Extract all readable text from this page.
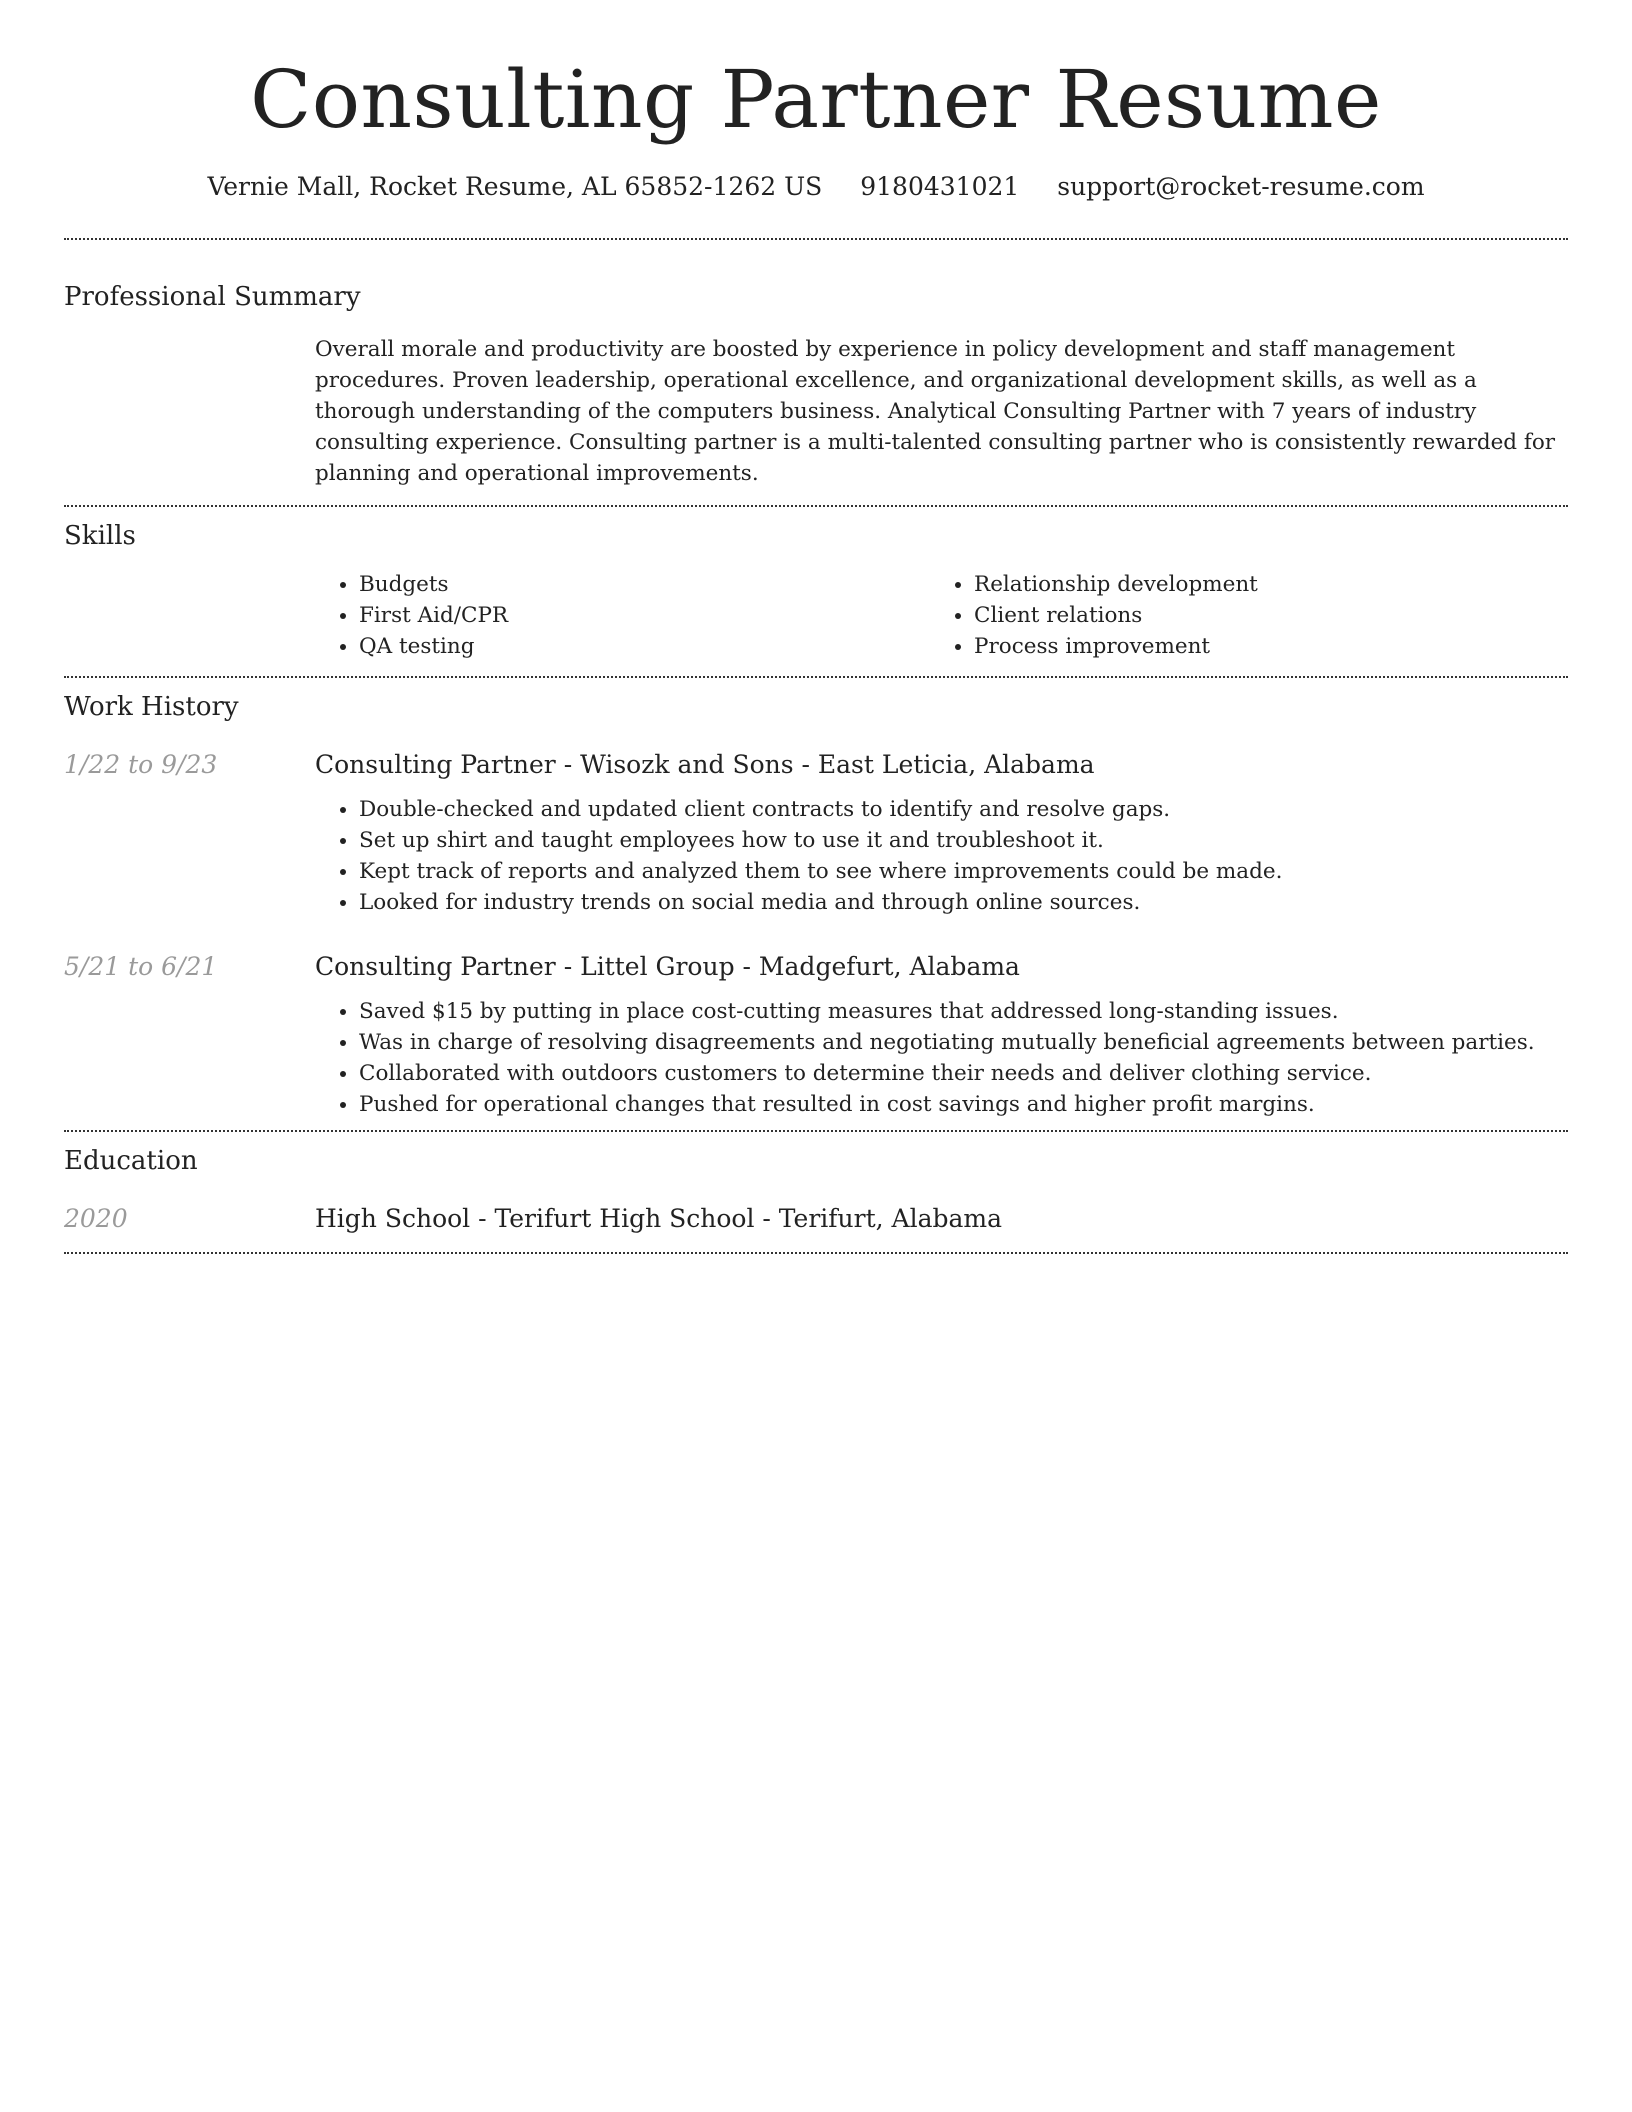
Consulting Partner Resume
Vernie Mall, Rocket Resume, AL 65852-1262 US 9180431021 support@rocket-resume.com
Professional Summary

Overall morale and productivity are boosted by experience in policy development and staff management procedures. Proven leadership, operational excellence, and organizational development skills, as well as a thorough understanding of the computers business. Analytical Consulting Partner with 7 years of industry consulting experience. Consulting partner is a multi-talented consulting partner who is consistently rewarded for planning and operational improvements.

Skills
• Budgets
• First Aid/CPR
• QA testing
• Relationship development
• Client relations
• Process improvement
Work History
1/22 to 9/23	Consulting Partner - Wisozk and Sons - East Leticia, Alabama
• Double-checked and updated client contracts to identify and resolve gaps.
• Set up shirt and taught employees how to use it and troubleshoot it.
• Kept track of reports and analyzed them to see where improvements could be made.
• Looked for industry trends on social media and through online sources.
5/21 to 6/21	Consulting Partner - Littel Group - Madgefurt, Alabama
• Saved $15 by putting in place cost-cutting measures that addressed long-standing issues.
• Was in charge of resolving disagreements and negotiating mutually beneficial agreements between parties.
• Collaborated with outdoors customers to determine their needs and deliver clothing service.
• Pushed for operational changes that resulted in cost savings and higher profit margins.
Education
2020	High School - Terifurt High School - Terifurt, Alabama
